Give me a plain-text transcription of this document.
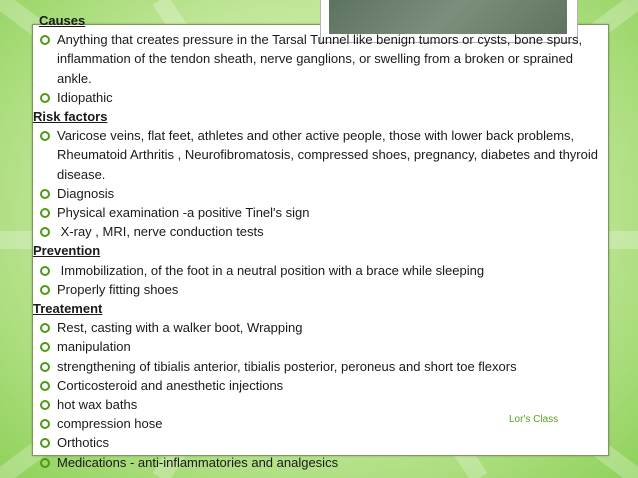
Causes
Anything that creates pressure in the Tarsal Tunnel like benign tumors or cysts, bone spurs, inflammation of the tendon sheath, nerve ganglions, or swelling from a broken or sprained ankle.
Idiopathic
Risk factors
Varicose veins, flat feet, athletes and other active people, those with lower back problems, Rheumatoid Arthritis , Neurofibromatosis, compressed shoes, pregnancy, diabetes and thyroid disease.
Diagnosis
Physical examination -a positive Tinel's sign
X-ray , MRI, nerve conduction tests
Prevention
Immobilization, of the foot in a neutral position with a brace while sleeping
Properly fitting shoes
Treatement
Rest, casting with a walker boot, Wrapping
manipulation
strengthening of tibialis anterior, tibialis posterior, peroneus and short toe flexors
Corticosteroid and anesthetic injections
hot wax baths
compression hose
Orthotics
Medications - anti-inflammatories and analgesics
Lor's Class
